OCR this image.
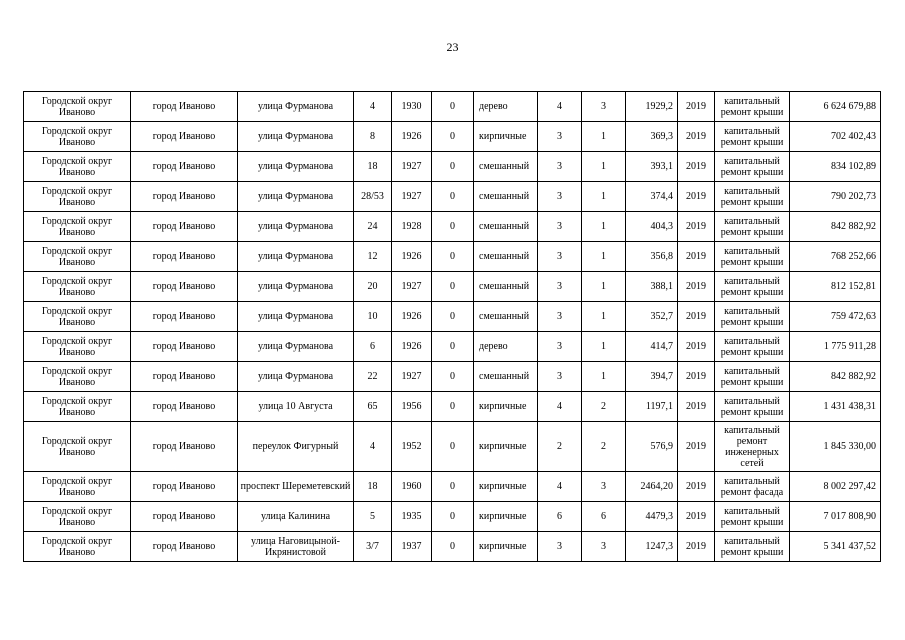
23
Городской округ Иваново	город Иваново	улица Фурманова	4	1930	0	дерево	4	3	1929,2	2019	капитальный ремонт крыши	6 624 679,88
Городской округ Иваново	город Иваново	улица Фурманова	8	1926	0	кирпичные	3	1	369,3	2019	капитальный ремонт крыши	702 402,43
Городской округ Иваново	город Иваново	улица Фурманова	18	1927	0	смешанный	3	1	393,1	2019	капитальный ремонт крыши	834 102,89
Городской округ Иваново	город Иваново	улица Фурманова	28/53	1927	0	смешанный	3	1	374,4	2019	капитальный ремонт крыши	790 202,73
Городской округ Иваново	город Иваново	улица Фурманова	24	1928	0	смешанный	3	1	404,3	2019	капитальный ремонт крыши	842 882,92
Городской округ Иваново	город Иваново	улица Фурманова	12	1926	0	смешанный	3	1	356,8	2019	капитальный ремонт крыши	768 252,66
Городской округ Иваново	город Иваново	улица Фурманова	20	1927	0	смешанный	3	1	388,1	2019	капитальный ремонт крыши	812 152,81
Городской округ Иваново	город Иваново	улица Фурманова	10	1926	0	смешанный	3	1	352,7	2019	капитальный ремонт крыши	759 472,63
Городской округ Иваново	город Иваново	улица Фурманова	6	1926	0	дерево	3	1	414,7	2019	капитальный ремонт крыши	1 775 911,28
Городской округ Иваново	город Иваново	улица Фурманова	22	1927	0	смешанный	3	1	394,7	2019	капитальный ремонт крыши	842 882,92
Городской округ Иваново	город Иваново	улица 10 Августа	65	1956	0	кирпичные	4	2	1197,1	2019	капитальный ремонт крыши	1 431 438,31
Городской округ Иваново	город Иваново	переулок Фигурный	4	1952	0	кирпичные	2	2	576,9	2019	капитальный ремонт инженерных сетей	1 845 330,00
Городской округ Иваново	город Иваново	проспект Шереметевский	18	1960	0	кирпичные	4	3	2464,20	2019	капитальный ремонт фасада	8 002 297,42
Городской округ Иваново	город Иваново	улица Калинина	5	1935	0	кирпичные	6	6	4479,3	2019	капитальный ремонт крыши	7 017 808,90
Городской округ Иваново	город Иваново	улица Наговицыной-Икрянистовой	3/7	1937	0	кирпичные	3	3	1247,3	2019	капитальный ремонт крыши	5 341 437,52
